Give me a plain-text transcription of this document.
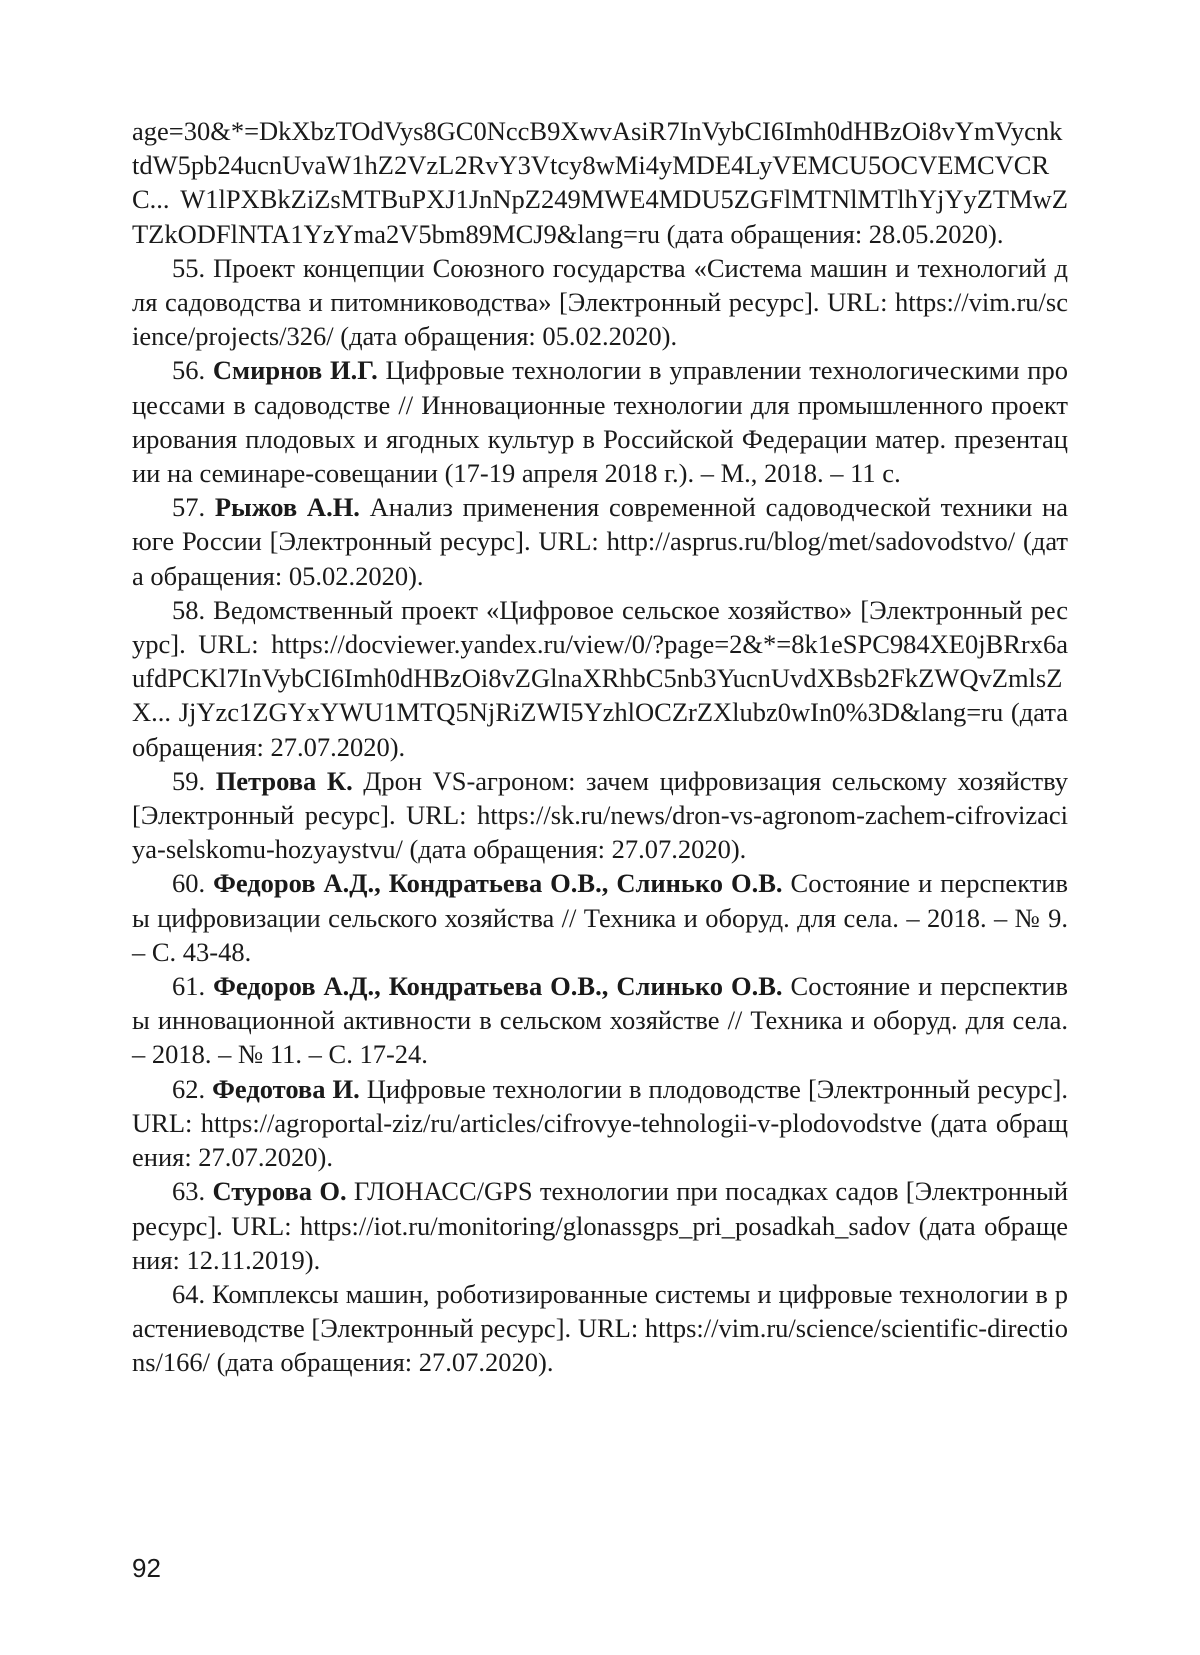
age=30&*=DkXbzTOdVys8GC0NccB9XwvAsiR7InVybCI6Imh0dHBzOi8vYmVycnktdW5pb24ucnUvaW1hZ2VzL2RvY3Vtcy8wMi4yMDE4LyVEMCU5OCVEMCVCRC... W1lPXBkZiZsMTBuPXJ1JnNpZ249MWE4MDU5ZGFlMTNlMTlhYjYyZTMwZTZkODFlNTA1YzYma2V5bm89MCJ9&lang=ru (дата обращения: 28.05.2020).

55. Проект концепции Союзного государства «Система машин и технологий для садоводства и питомниководства» [Электронный ресурс]. URL: https://vim.ru/science/projects/326/ (дата обращения: 05.02.2020).

56. Смирнов И.Г. Цифровые технологии в управлении технологическими процессами в садоводстве // Инновационные технологии для промышленного проектирования плодовых и ягодных культур в Российской Федерации матер. презентации на семинаре-совещании (17-19 апреля 2018 г.). – М., 2018. – 11 с.

57. Рыжов А.Н. Анализ применения современной садоводческой техники на юге России [Электронный ресурс]. URL: http://asprus.ru/blog/met/sadovodstvo/ (дата обращения: 05.02.2020).

58. Ведомственный проект «Цифровое сельское хозяйство» [Электронный ресурс]. URL: https://docviewer.yandex.ru/view/0/?page=2&*=8k1eSPC984XE0jBRrx6aufdPCKl7InVybCI6Imh0dHBzOi8vZGlnaXRhbC5nb3YucnUvdXBsb2FkZWQvZmlsZX... JjYzc1ZGYxYWU1MTQ5NjRiZWI5YzhlOCZrZXlubz0wIn0%3D&lang=ru (дата обращения: 27.07.2020).

59. Петрова К. Дрон VS-агроном: зачем цифровизация сельскому хозяйству [Электронный ресурс]. URL: https://sk.ru/news/dron-vs-agronom-zachem-cifrovizaciya-selskomu-hozyaystvu/ (дата обращения: 27.07.2020).

60. Федоров А.Д., Кондратьева О.В., Слинько О.В. Состояние и перспективы цифровизации сельского хозяйства // Техника и оборуд. для села. – 2018. – № 9. – С. 43-48.

61. Федоров А.Д., Кондратьева О.В., Слинько О.В. Состояние и перспективы инновационной активности в сельском хозяйстве // Техника и оборуд. для села. – 2018. – № 11. – С. 17-24.

62. Федотова И. Цифровые технологии в плодоводстве [Электронный ресурс]. URL: https://agroportal-ziz/ru/articles/cifrovye-tehnologii-v-plodovodstve (дата обращения: 27.07.2020).

63. Стурова О. ГЛОНАСС/GPS технологии при посадках садов [Электронный ресурс]. URL: https://iot.ru/monitoring/glonassgps_pri_posadkah_sadov (дата обращения: 12.11.2019).

64. Комплексы машин, роботизированные системы и цифровые технологии в растениеводстве [Электронный ресурс]. URL: https://vim.ru/science/scientific-directions/166/ (дата обращения: 27.07.2020).

92
